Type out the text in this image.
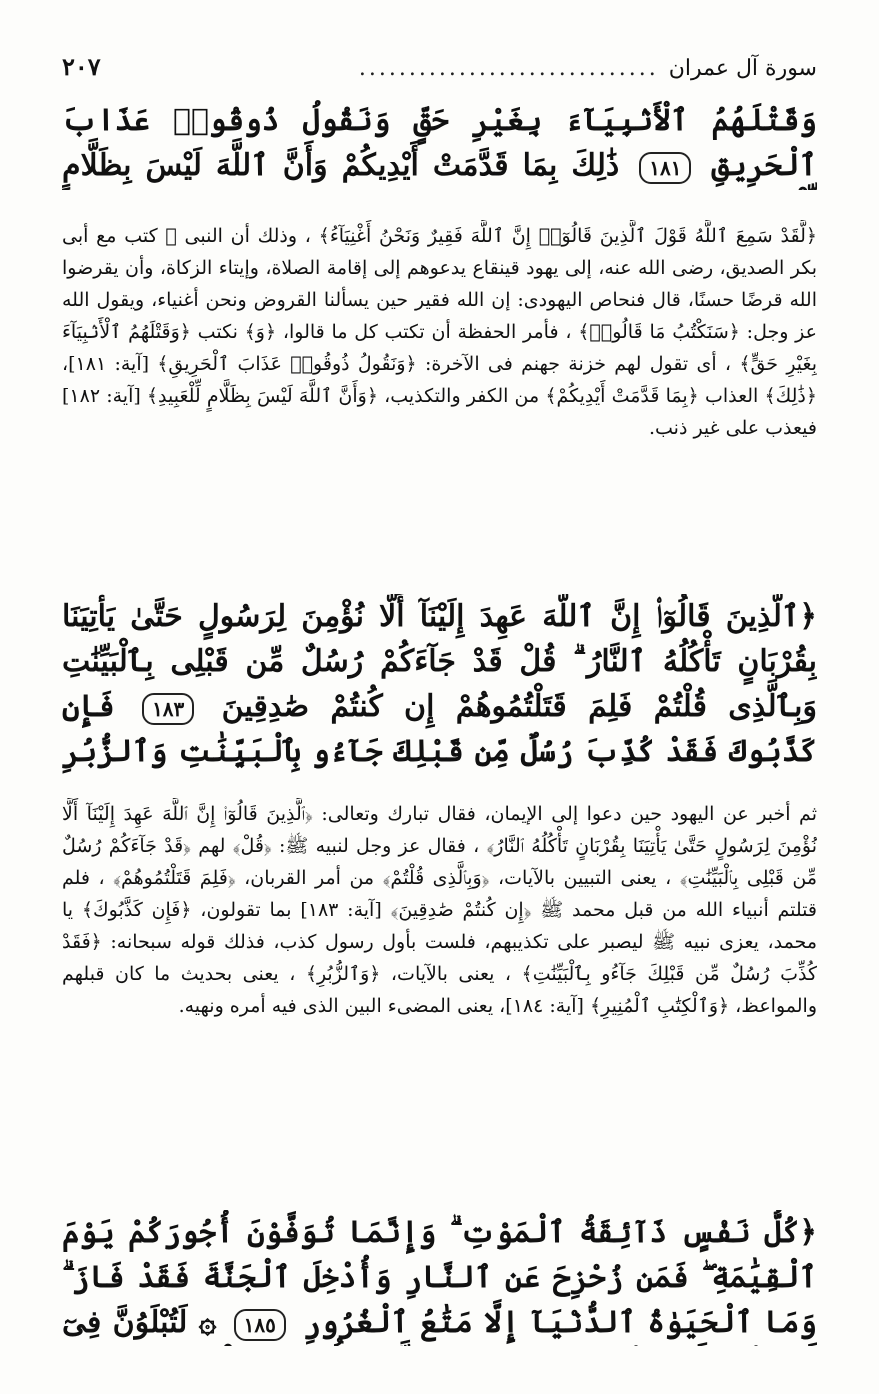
سورة آل عمران
..............................
٢٠٧

وَقَتْلَهُمُ ٱلْأَنۢبِيَآءَ بِغَيْرِ حَقٍّ وَنَقُولُ ذُوقُوا۟ عَذَابَ ٱلْحَرِيقِ ١٨١ ذَٰلِكَ بِمَا قَدَّمَتْ أَيْدِيكُمْ وَأَنَّ ٱللَّهَ لَيْسَ بِظَلَّامٍ

﴿لَّقَدْ سَمِعَ ٱللَّهُ قَوْلَ ٱلَّذِينَ قَالُوٓا۟ إِنَّ ٱللَّهَ فَقِيرٌ وَنَحْنُ أَغْنِيَآءُ﴾ ، وذلك أن النبى ﷺ كتب مع أبى بكر الصديق، رضى الله عنه، إلى يهود قينقاع يدعوهم إلى إقامة الصلاة، وإيتاء الزكاة، وأن يقرضوا الله قرضًا حسنًا، قال فنحاص اليهودى: إن الله فقير حين يسألنا القروض ونحن أغنياء، ويقول الله عز وجل: ﴿سَنَكْتُبُ مَا قَالُوا۟﴾ ، فأمر الحفظة أن تكتب كل ما قالوا، ﴿وَ﴾ نكتب ﴿وَقَتْلَهُمُ ٱلْأَنۢبِيَآءَ بِغَيْرِ حَقٍّ﴾ ، أى تقول لهم خزنة جهنم فى الآخرة: ﴿وَنَقُولُ ذُوقُوا۟ عَذَابَ ٱلْحَرِيقِ﴾ [آية: ١٨١]، ﴿ذَٰلِكَ﴾ العذاب ﴿بِمَا قَدَّمَتْ أَيْدِيكُمْ﴾ من الكفر والتكذيب، ﴿وَأَنَّ ٱللَّهَ لَيْسَ بِظَلَّامٍ لِّلْعَبِيدِ﴾ [آية: ١٨٢] فيعذب على غير ذنب.

﴿ٱلَّذِينَ قَالُوٓا۟ إِنَّ ٱللَّهَ عَهِدَ إِلَيْنَآ أَلَّا نُؤْمِنَ لِرَسُولٍ حَتَّىٰ يَأْتِيَنَا بِقُرْبَانٍ تَأْكُلُهُ ٱلنَّارُ ۗ قُلْ قَدْ جَآءَكُمْ رُسُلٌ مِّن قَبْلِى بِٱلْبَيِّنَٰتِ وَبِٱلَّذِى قُلْتُمْ فَلِمَ قَتَلْتُمُوهُمْ إِن كُنتُمْ صَٰدِقِينَ ١٨٣ فَإِن كَذَّبُوكَ فَقَدْ كُذِّبَ رُسُلٌ مِّن قَبْلِكَ جَآءُو بِٱلْبَيِّنَٰتِ وَٱلزُّبُرِ

ثم أخبر عن اليهود حين دعوا إلى الإيمان، فقال تبارك وتعالى: ﴿ٱلَّذِينَ قَالُوٓا۟ إِنَّ ٱللَّهَ عَهِدَ إِلَيْنَآ أَلَّا نُؤْمِنَ لِرَسُولٍ حَتَّىٰ يَأْتِيَنَا بِقُرْبَانٍ تَأْكُلُهُ ٱلنَّارُ﴾ ، فقال عز وجل لنبيه ﷺ: ﴿قُلْ﴾ لهم ﴿قَدْ جَآءَكُمْ رُسُلٌ مِّن قَبْلِى بِٱلْبَيِّنَٰتِ﴾ ، يعنى التبيين بالآيات، ﴿وَبِٱلَّذِى قُلْتُمْ﴾ من أمر القربان، ﴿فَلِمَ قَتَلْتُمُوهُمْ﴾ ، فلم قتلتم أنبياء الله من قبل محمد ﷺ ﴿إِن كُنتُمْ صَٰدِقِينَ﴾ [آية: ١٨٣] بما تقولون، ﴿فَإِن كَذَّبُوكَ﴾ يا محمد، يعزى نبيه ﷺ ليصبر على تكذيبهم، فلست بأول رسول كذب، فذلك قوله سبحانه: ﴿فَقَدْ كُذِّبَ رُسُلٌ مِّن قَبْلِكَ جَآءُو بِٱلْبَيِّنَٰتِ﴾ ، يعنى بالآيات، ﴿وَٱلزُّبُرِ﴾ ، يعنى بحديث ما كان قبلهم والمواعظ، ﴿وَٱلْكِتَٰبِ ٱلْمُنِيرِ﴾ [آية: ١٨٤]، يعنى المضىء البين الذى فيه أمره ونهيه.

﴿كُلُّ نَفْسٍ ذَآئِقَةُ ٱلْمَوْتِ ۗ وَإِنَّمَا تُوَفَّوْنَ أُجُورَكُمْ يَوْمَ ٱلْقِيَٰمَةِ ۖ فَمَن زُحْزِحَ عَنِ ٱلنَّارِ وَأُدْخِلَ ٱلْجَنَّةَ فَقَدْ فَازَ ۗ وَمَا ٱلْحَيَوٰةُ ٱلدُّنْيَآ إِلَّا مَتَٰعُ ٱلْغُرُورِ ١٨٥ ۞ لَتُبْلَوُنَّ فِىٓ
